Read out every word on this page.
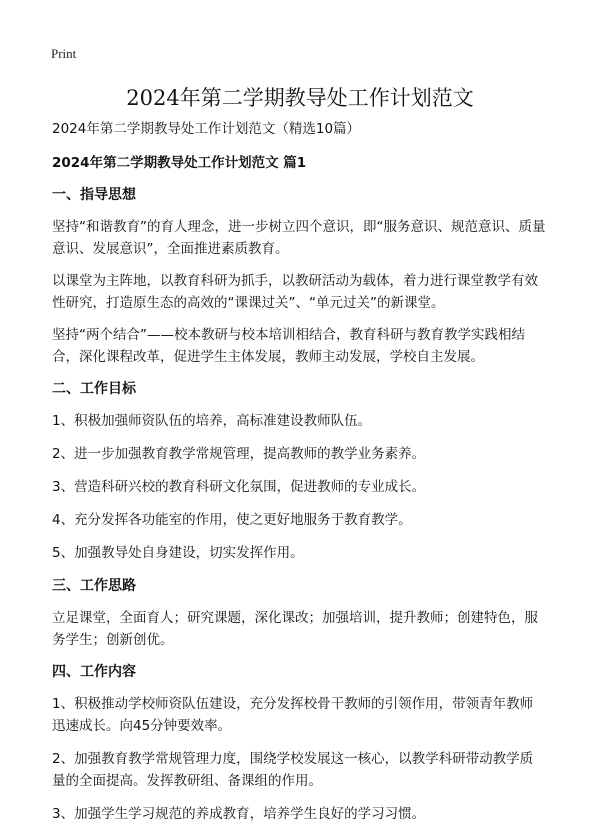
Print
2024年第二学期教导处工作计划范文

2024年第二学期教导处工作计划范文（精选10篇）

2024年第二学期教导处工作计划范文 篇1

一、指导思想

坚持“和谐教育”的育人理念，进一步树立四个意识，即“服务意识、规范意识、质量意识、发展意识”，全面推进素质教育。

以课堂为主阵地，以教育科研为抓手，以教研活动为载体，着力进行课堂教学有效性研究，打造原生态的高效的“课课过关”、“单元过关”的新课堂。

坚持“两个结合”——校本教研与校本培训相结合，教育科研与教育教学实践相结合，深化课程改革，促进学生主体发展，教师主动发展，学校自主发展。

二、工作目标

1、积极加强师资队伍的培养，高标准建设教师队伍。

2、进一步加强教育教学常规管理，提高教师的教学业务素养。

3、营造科研兴校的教育科研文化氛围，促进教师的专业成长。

4、充分发挥各功能室的作用，使之更好地服务于教育教学。

5、加强教导处自身建设，切实发挥作用。

三、工作思路

立足课堂，全面育人；研究课题，深化课改；加强培训，提升教师；创建特色，服务学生；创新创优。

四、工作内容

1、积极推动学校师资队伍建设，充分发挥校骨干教师的引领作用，带领青年教师迅速成长。向45分钟要效率。

2、加强教育教学常规管理力度，围绕学校发展这一核心，以教学科研带动教学质量的全面提高。发挥教研组、备课组的作用。

3、加强学生学习规范的养成教育，培养学生良好的学习习惯。
